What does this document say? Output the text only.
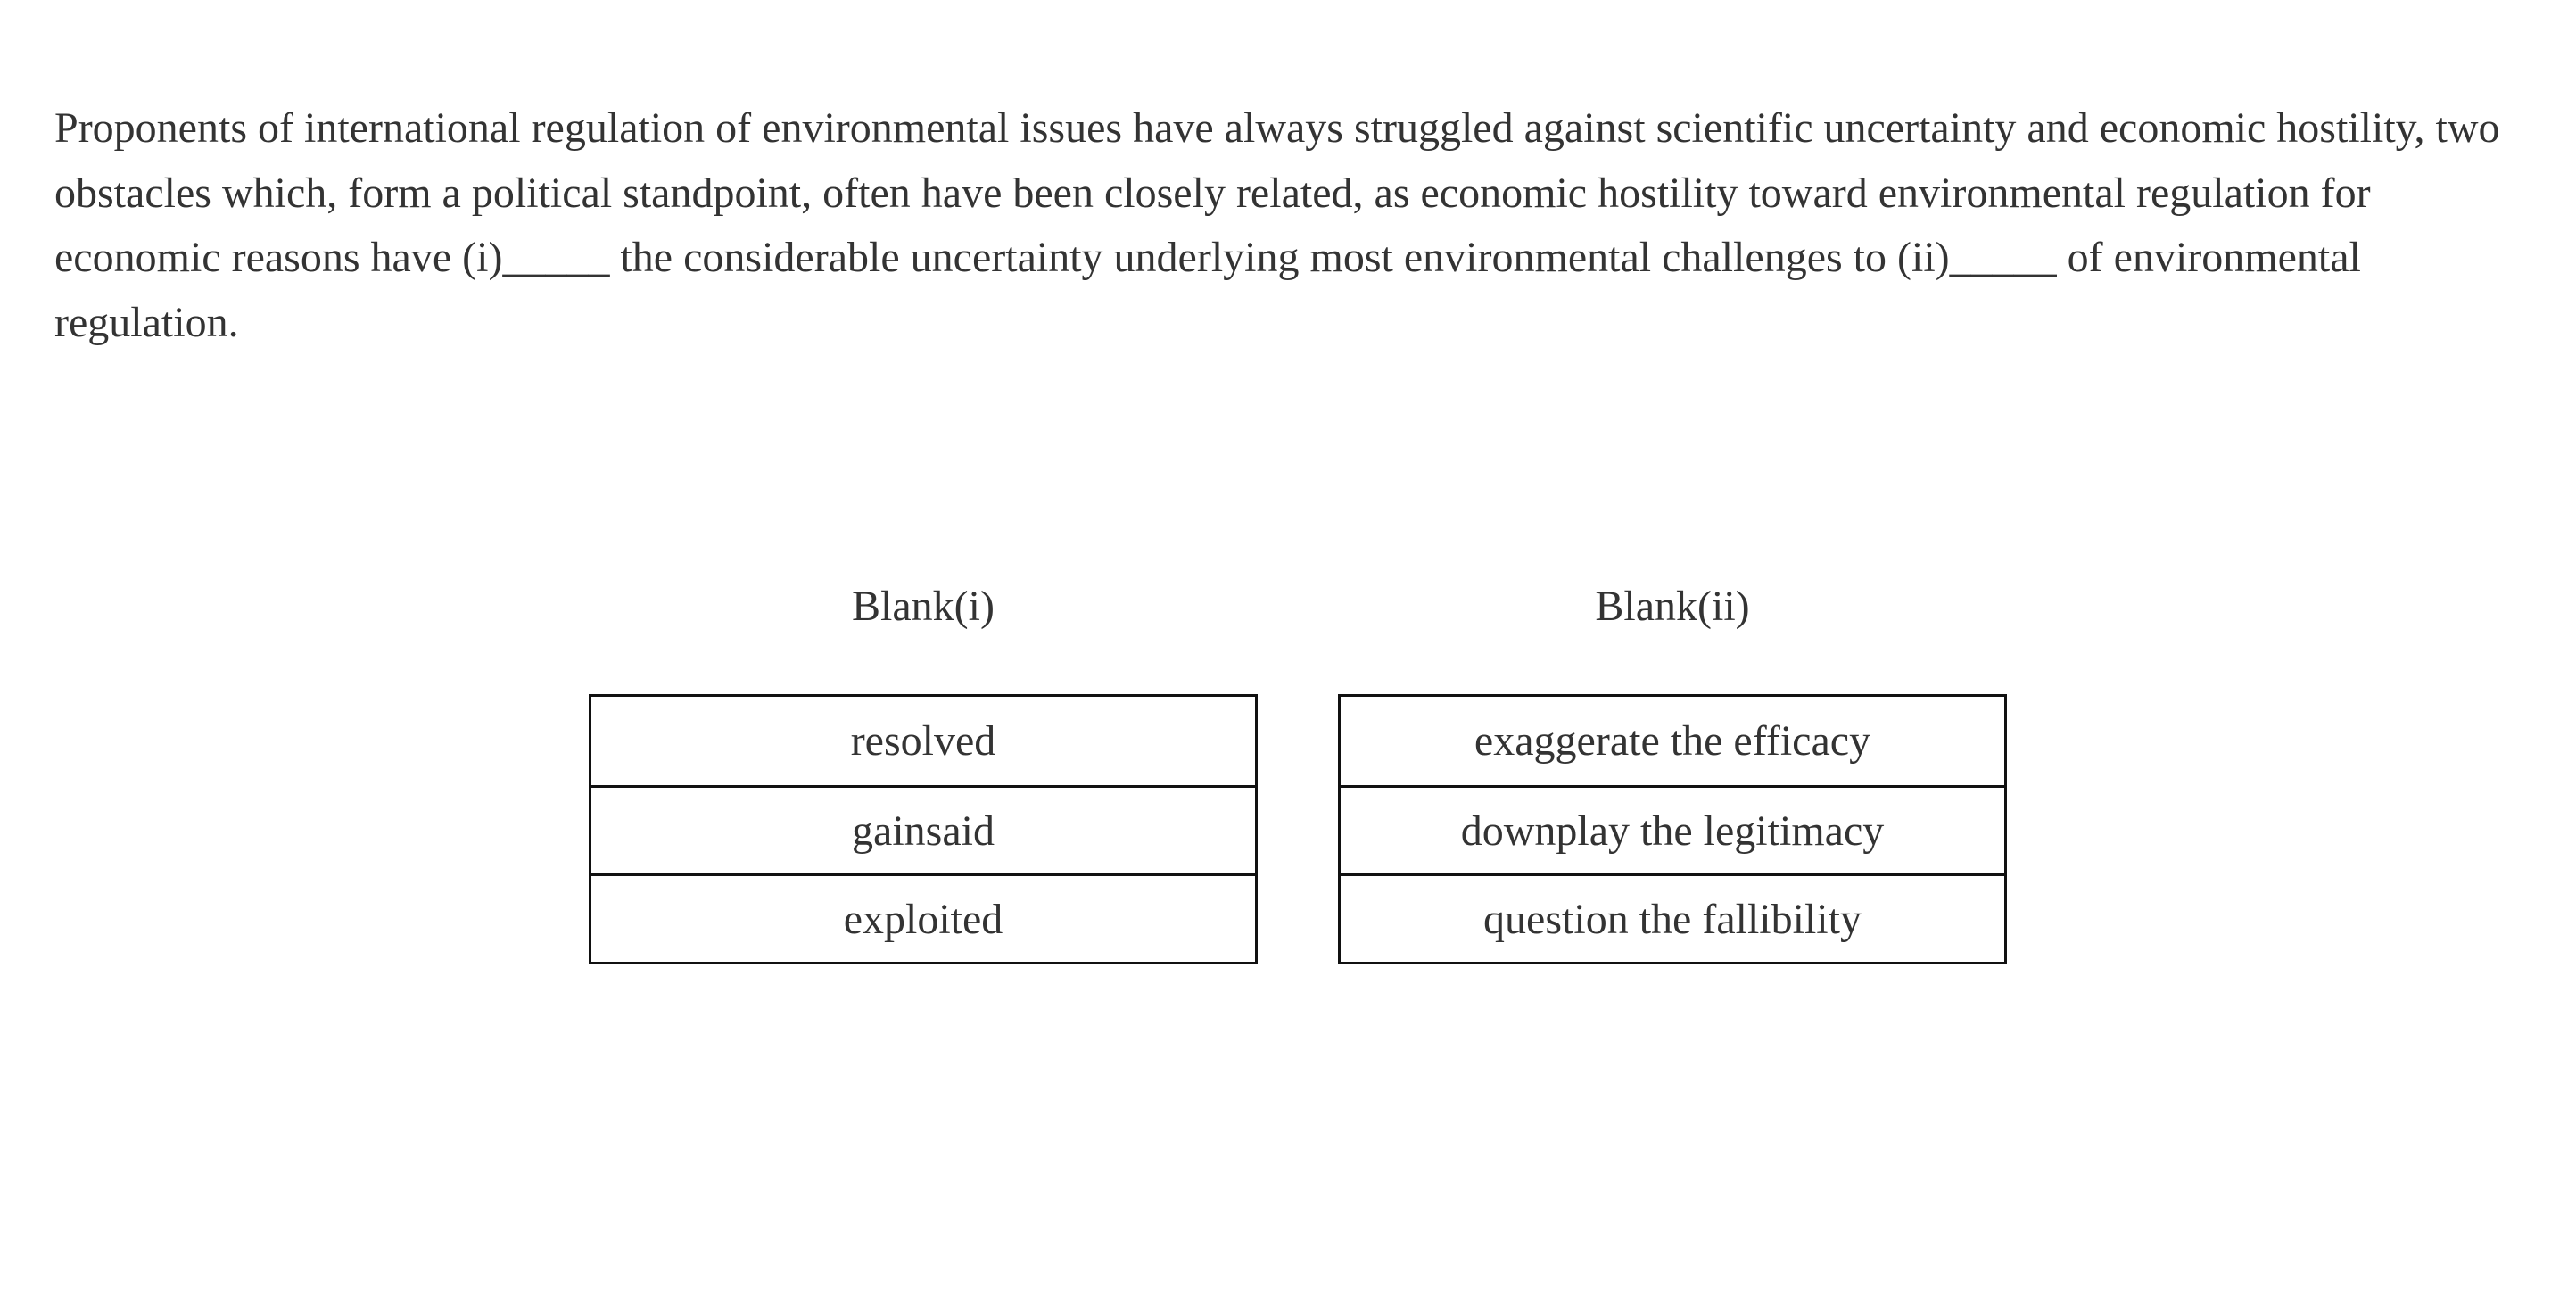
Proponents of international regulation of environmental issues have always struggled against scientific uncertainty and economic hostility, two obstacles which, form a political standpoint, often have been closely related, as economic hostility toward environmental regulation for economic reasons have (i)_____ the considerable uncertainty underlying most environmental challenges to (ii)_____ of environmental regulation.

Blank(i)
resolved
gainsaid
exploited
Blank(ii)
exaggerate the efficacy
downplay the legitimacy
question the fallibility
